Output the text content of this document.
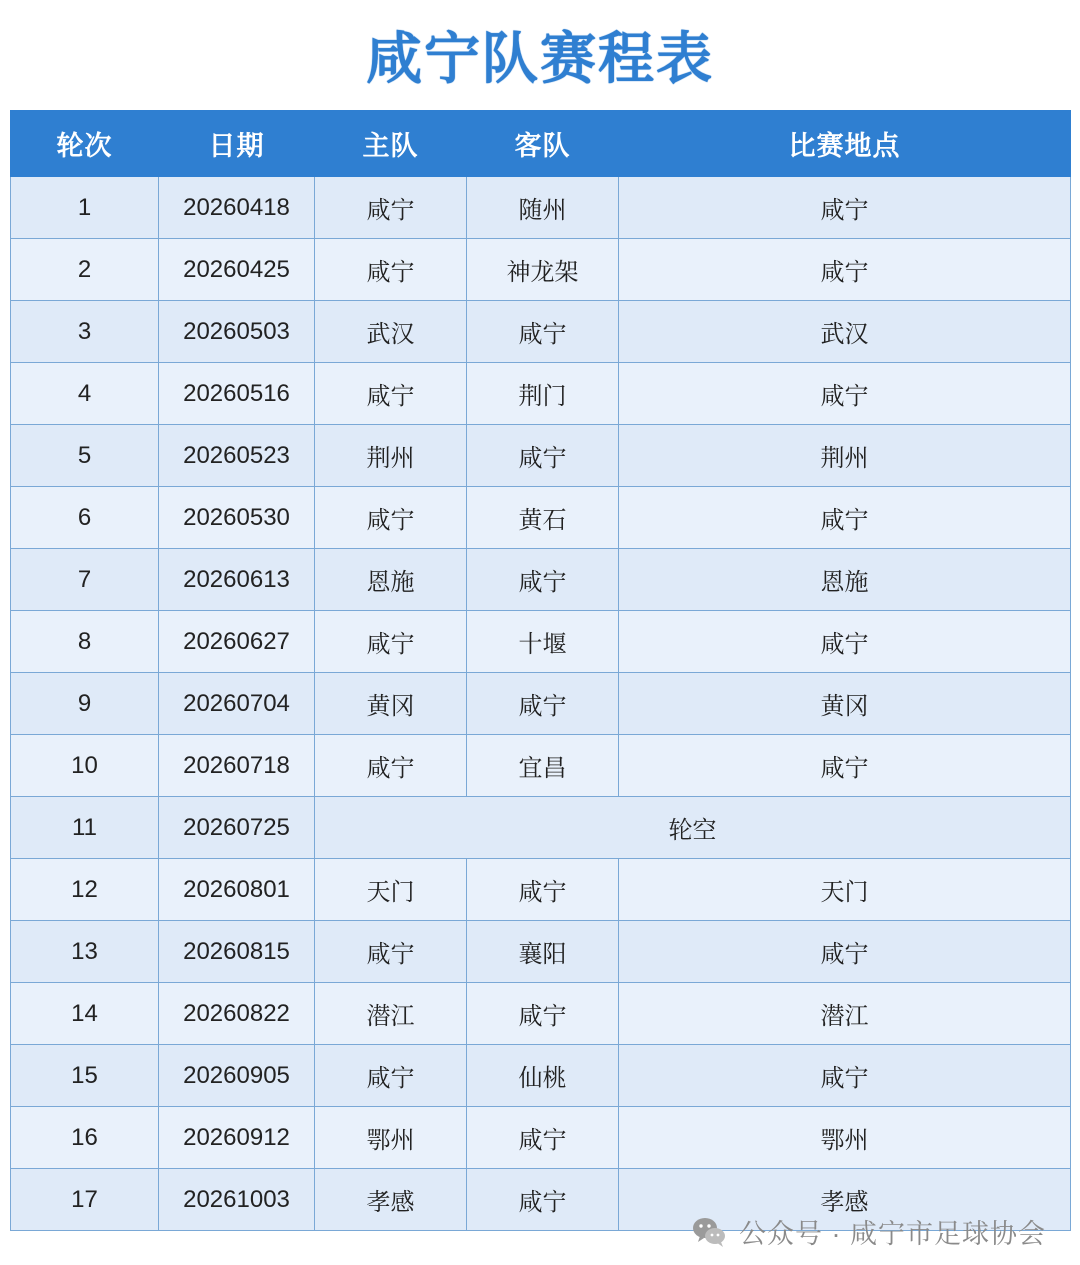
咸宁队赛程表
轮次	日期	主队	客队	比赛地点
1	20260418	咸宁	随州	咸宁
2	20260425	咸宁	神龙架	咸宁
3	20260503	武汉	咸宁	武汉
4	20260516	咸宁	荆门	咸宁
5	20260523	荆州	咸宁	荆州
6	20260530	咸宁	黄石	咸宁
7	20260613	恩施	咸宁	恩施
8	20260627	咸宁	十堰	咸宁
9	20260704	黄冈	咸宁	黄冈
10	20260718	咸宁	宜昌	咸宁
11	20260725	轮空		
12	20260801	天门	咸宁	天门
13	20260815	咸宁	襄阳	咸宁
14	20260822	潜江	咸宁	潜江
15	20260905	咸宁	仙桃	咸宁
16	20260912	鄂州	咸宁	鄂州
17	20261003	孝感	咸宁	孝感
公众号 · 咸宁市足球协会
